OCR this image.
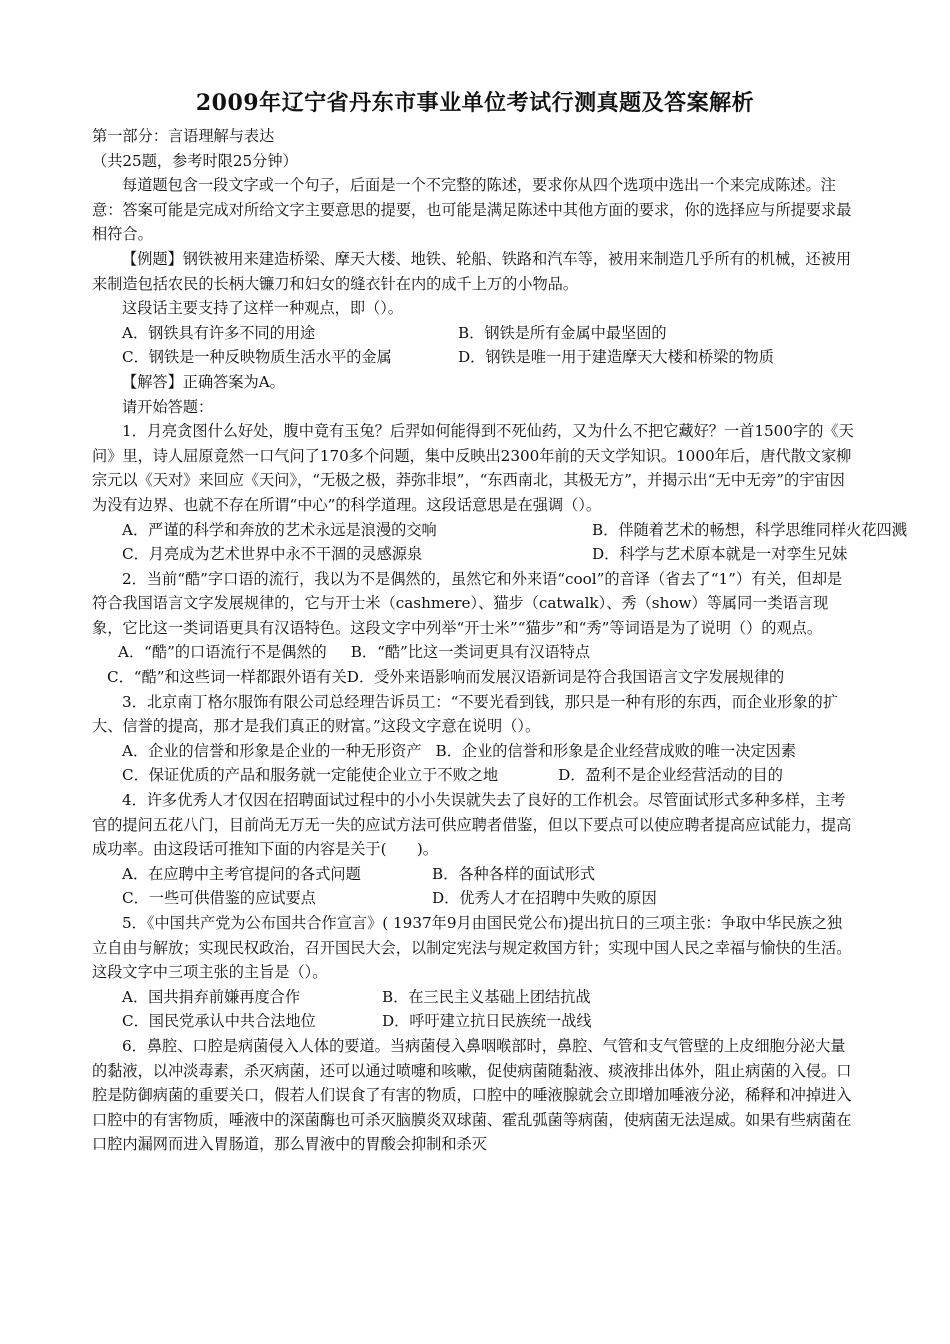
2009年辽宁省丹东市事业单位考试行测真题及答案解析

第一部分：言语理解与表达

（共25题，参考时限25分钟）

每道题包含一段文字或一个句子，后面是一个不完整的陈述，要求你从四个选项中选出一个来完成陈述。注意：答案可能是完成对所给文字主要意思的提要，也可能是满足陈述中其他方面的要求，你的选择应与所提要求最相符合。

【例题】钢铁被用来建造桥梁、摩天大楼、地铁、轮船、铁路和汽车等，被用来制造几乎所有的机械，还被用来制造包括农民的长柄大镰刀和妇女的缝衣针在内的成千上万的小物品。

这段话主要支持了这样一种观点，即（）。

A．钢铁具有许多不同的用途	B．钢铁是所有金属中最坚固的
C．钢铁是一种反映物质生活水平的金属	D．钢铁是唯一用于建造摩天大楼和桥梁的物质

【解答】正确答案为A。

请开始答题：

1．月亮贪图什么好处，腹中竟有玉兔？后羿如何能得到不死仙药，又为什么不把它藏好？一首1500字的《天问》里，诗人屈原竟然一口气问了170多个问题，集中反映出2300年前的天文学知识。1000年后，唐代散文家柳宗元以《天对》来回应《天问》，“无极之极，莽弥非垠”，“东西南北，其极无方”，并揭示出“无中无旁”的宇宙因为没有边界、也就不存在所谓“中心”的科学道理。这段话意思是在强调（）。

A．严谨的科学和奔放的艺术永远是浪漫的交响	B．伴随着艺术的畅想，科学思维同样火花四溅
C．月亮成为艺术世界中永不干涸的灵感源泉	D．科学与艺术原本就是一对孪生兄妹

2．当前“酷”字口语的流行，我以为不是偶然的，虽然它和外来语“cool”的音译（省去了“1”）有关，但却是符合我国语言文字发展规律的，它与开士米（cashmere）、猫步（catwalk）、秀（show）等属同一类语言现象，它比这一类词语更具有汉语特色。这段文字中列举“开士米”“猫步”和“秀”等词语是为了说明（）的观点。

A．“酷”的口语流行不是偶然的 B．“酷”比这一类词更具有汉语特点

C．“酷”和这些词一样都跟外语有关D．受外来语影响而发展汉语新词是符合我国语言文字发展规律的

3．北京南丁格尔服饰有限公司总经理告诉员工：“不要光看到钱，那只是一种有形的东西，而企业形象的扩大、信誉的提高，那才是我们真正的财富。”这段文字意在说明（）。

A．企业的信誉和形象是企业的一种无形资产 B．企业的信誉和形象是企业经营成败的唯一决定因素

C．保证优质的产品和服务就一定能使企业立于不败之地	D．盈利不是企业经营活动的目的

4．许多优秀人才仅因在招聘面试过程中的小小失误就失去了良好的工作机会。尽管面试形式多种多样，主考官的提问五花八门，目前尚无万无一失的应试方法可供应聘者借鉴，但以下要点可以使应聘者提高应试能力，提高成功率。由这段话可推知下面的内容是关于(　　)。

A．在应聘中主考官提问的各式问题	B．各种各样的面试形式
C．一些可供借鉴的应试要点	D．优秀人才在招聘中失败的原因

5．《中国共产党为公布国共合作宣言》( 1937年9月由国民党公布)提出抗日的三项主张：争取中华民族之独立自由与解放；实现民权政治，召开国民大会，以制定宪法与规定救国方针；实现中国人民之幸福与愉快的生活。这段文字中三项主张的主旨是（）。

A．国共捐弃前嫌再度合作	B．在三民主义基础上团结抗战
C．国民党承认中共合法地位	D．呼吁建立抗日民族统一战线

6．鼻腔、口腔是病菌侵入人体的要道。当病菌侵入鼻咽喉部时，鼻腔、气管和支气管壁的上皮细胞分泌大量的黏液，以冲淡毒素，杀灭病菌，还可以通过喷嚏和咳嗽，促使病菌随黏液、痰液排出体外，阻止病菌的入侵。口腔是防御病菌的重要关口，假若人们误食了有害的物质，口腔中的唾液腺就会立即增加唾液分泌，稀释和冲掉进入口腔中的有害物质，唾液中的深菌酶也可杀灭脑膜炎双球菌、霍乱弧菌等病菌，使病菌无法逞威。如果有些病菌在口腔内漏网而进入胃肠道，那么胃液中的胃酸会抑制和杀灭
